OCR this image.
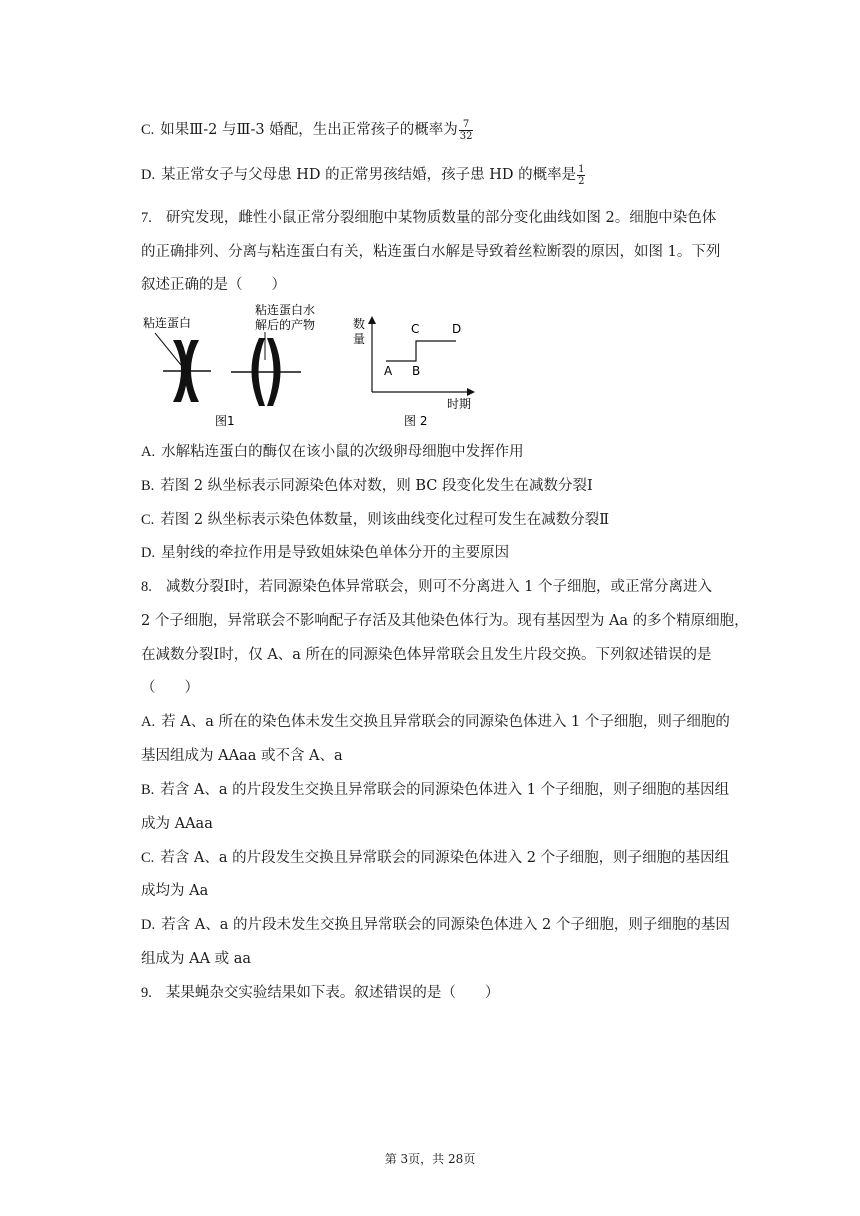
C. 如果Ⅲ-2 与Ⅲ-3 婚配，生出正常孩子的概率为 $\frac{7}{32}$
D. 某正常女子与父母患 HD 的正常男孩结婚，孩子患 HD 的概率是 $\frac{1}{2}$
7. 研究发现，雌性小鼠正常分裂细胞中某物质数量的部分变化曲线如图 2。细胞中染色体
的正确排列、分离与粘连蛋白有关，粘连蛋白水解是导致着丝粒断裂的原因，如图 1。下列
叙述正确的是（　　）
粘连蛋白
粘连蛋白水
解后的产物
图1
数
量
A B
C	D
时期
图 2
A. 水解粘连蛋白的酶仅在该小鼠的次级卵母细胞中发挥作用
B. 若图 2 纵坐标表示同源染色体对数，则 BC 段变化发生在减数分裂Ⅰ
C. 若图 2 纵坐标表示染色体数量，则该曲线变化过程可发生在减数分裂Ⅱ
D. 星射线的牵拉作用是导致姐妹染色单体分开的主要原因
8. 减数分裂Ⅰ时，若同源染色体异常联会，则可不分离进入 1 个子细胞，或正常分离进入
2 个子细胞，异常联会不影响配子存活及其他染色体行为。现有基因型为 Aa 的多个精原细胞，
在减数分裂Ⅰ时，仅 A、a 所在的同源染色体异常联会且发生片段交换。下列叙述错误的是
（　　）
A. 若 A、a 所在的染色体未发生交换且异常联会的同源染色体进入 1 个子细胞，则子细胞的
基因组成为 AAaa 或不含 A、a
B. 若含 A、a 的片段发生交换且异常联会的同源染色体进入 1 个子细胞，则子细胞的基因组
成为 AAaa
C. 若含 A、a 的片段发生交换且异常联会的同源染色体进入 2 个子细胞，则子细胞的基因组
成均为 Aa
D. 若含 A、a 的片段未发生交换且异常联会的同源染色体进入 2 个子细胞，则子细胞的基因
组成为 AA 或 aa
9. 某果蝇杂交实验结果如下表。叙述错误的是（　　）
第 3页，共 28页
